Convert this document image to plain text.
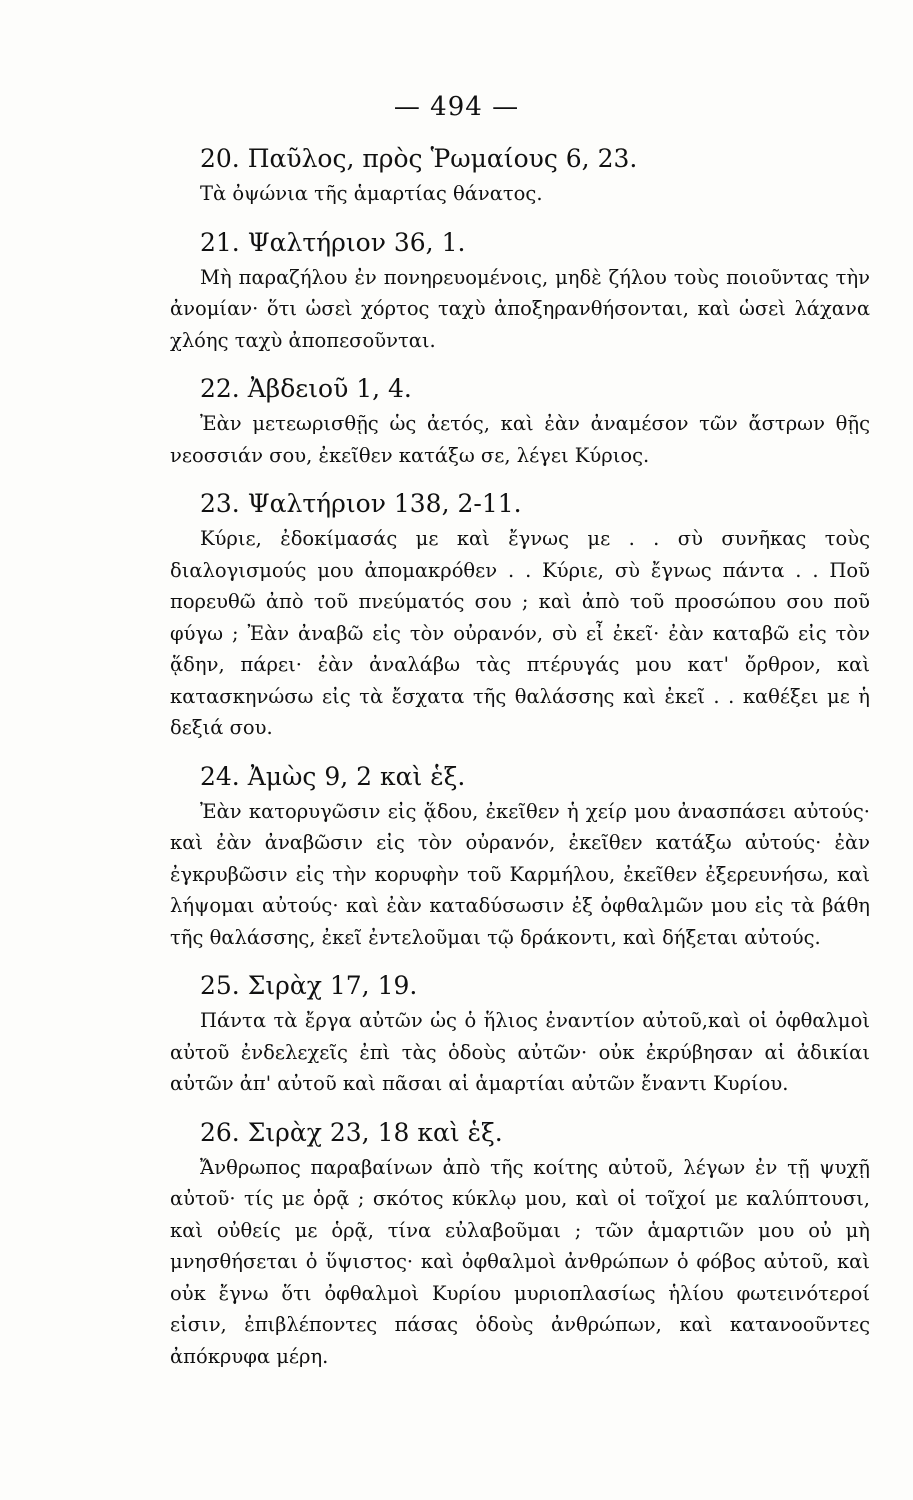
— 494 —
20. Παῦλος, πρὸς Ῥωμαίους 6, 23.

Τὰ ὀψώνια τῆς ἁμαρτίας θάνατος.

21. Ψαλτήριον 36, 1.

Μὴ παραζήλου ἐν πονηρευομένοις, μηδὲ ζήλου τοὺς ποιοῦντας τὴν ἀνομίαν· ὅτι ὡσεὶ χόρτος ταχὺ ἀποξηρανθήσονται, καὶ ὡσεὶ λάχανα χλόης ταχὺ ἀποπεσοῦνται.

22. Ἀβδειοῦ 1, 4.

Ἐὰν μετεωρισθῇς ὡς ἀετός, καὶ ἐὰν ἀναμέσον τῶν ἄστρων θῇς νεοσσιάν σου, ἐκεῖθεν κατάξω σε, λέγει Κύριος.

23. Ψαλτήριον 138, 2-11.

Κύριε, ἐδοκίμασάς με καὶ ἔγνως με . . σὺ συνῆκας τοὺς διαλογισμούς μου ἀπομακρόθεν . . Κύριε, σὺ ἔγνως πάντα . . Ποῦ πορευθῶ ἀπὸ τοῦ πνεύματός σου ; καὶ ἀπὸ τοῦ προσώπου σου ποῦ φύγω ; Ἐὰν ἀναβῶ εἰς τὸν οὐρανόν, σὺ εἶ ἐκεῖ· ἐὰν καταβῶ εἰς τὸν ᾅδην, πάρει· ἐὰν ἀναλάβω τὰς πτέρυγάς μου κατ' ὄρθρον, καὶ κατασκηνώσω εἰς τὰ ἔσχατα τῆς θαλάσσης καὶ ἐκεῖ . . καθέξει με ἡ δεξιά σου.

24. Ἀμὼς 9, 2 καὶ ἑξ.

Ἐὰν κατορυγῶσιν εἰς ᾅδου, ἐκεῖθεν ἡ χείρ μου ἀνασπάσει αὐτούς· καὶ ἐὰν ἀναβῶσιν εἰς τὸν οὐρανόν, ἐκεῖθεν κατάξω αὐτούς· ἐὰν ἐγκρυβῶσιν εἰς τὴν κορυφὴν τοῦ Καρμήλου, ἐκεῖθεν ἐξερευνήσω, καὶ λήψομαι αὐτούς· καὶ ἐὰν καταδύσωσιν ἐξ ὀφθαλμῶν μου εἰς τὰ βάθη τῆς θαλάσσης, ἐκεῖ ἐντελοῦμαι τῷ δράκοντι, καὶ δήξεται αὐτούς.

25. Σιρὰχ 17, 19.

Πάντα τὰ ἔργα αὐτῶν ὡς ὁ ἥλιος ἐναντίον αὐτοῦ,καὶ οἱ ὀφθαλμοὶ αὐτοῦ ἐνδελεχεῖς ἐπὶ τὰς ὁδοὺς αὐτῶν· οὐκ ἐκρύβησαν αἱ ἀδικίαι αὐτῶν ἀπ' αὐτοῦ καὶ πᾶσαι αἱ ἁμαρτίαι αὐτῶν ἔναντι Κυρίου.

26. Σιρὰχ 23, 18 καὶ ἑξ.

Ἄνθρωπος παραβαίνων ἀπὸ τῆς κοίτης αὐτοῦ, λέγων ἐν τῇ ψυχῇ αὐτοῦ· τίς με ὁρᾷ ; σκότος κύκλῳ μου, καὶ οἱ τοῖχοί με καλύπτουσι, καὶ οὐθείς με ὁρᾷ, τίνα εὐλαβοῦμαι ; τῶν ἁμαρτιῶν μου οὐ μὴ μνησθήσεται ὁ ὕψιστος· καὶ ὀφθαλμοὶ ἀνθρώπων ὁ φόβος αὐτοῦ, καὶ οὐκ ἔγνω ὅτι ὀφθαλμοὶ Κυρίου μυριοπλασίως ἡλίου φωτεινότεροί εἰσιν, ἐπιβλέποντες πάσας ὁδοὺς ἀνθρώπων, καὶ κατανοοῦντες ἀπόκρυφα μέρη.
